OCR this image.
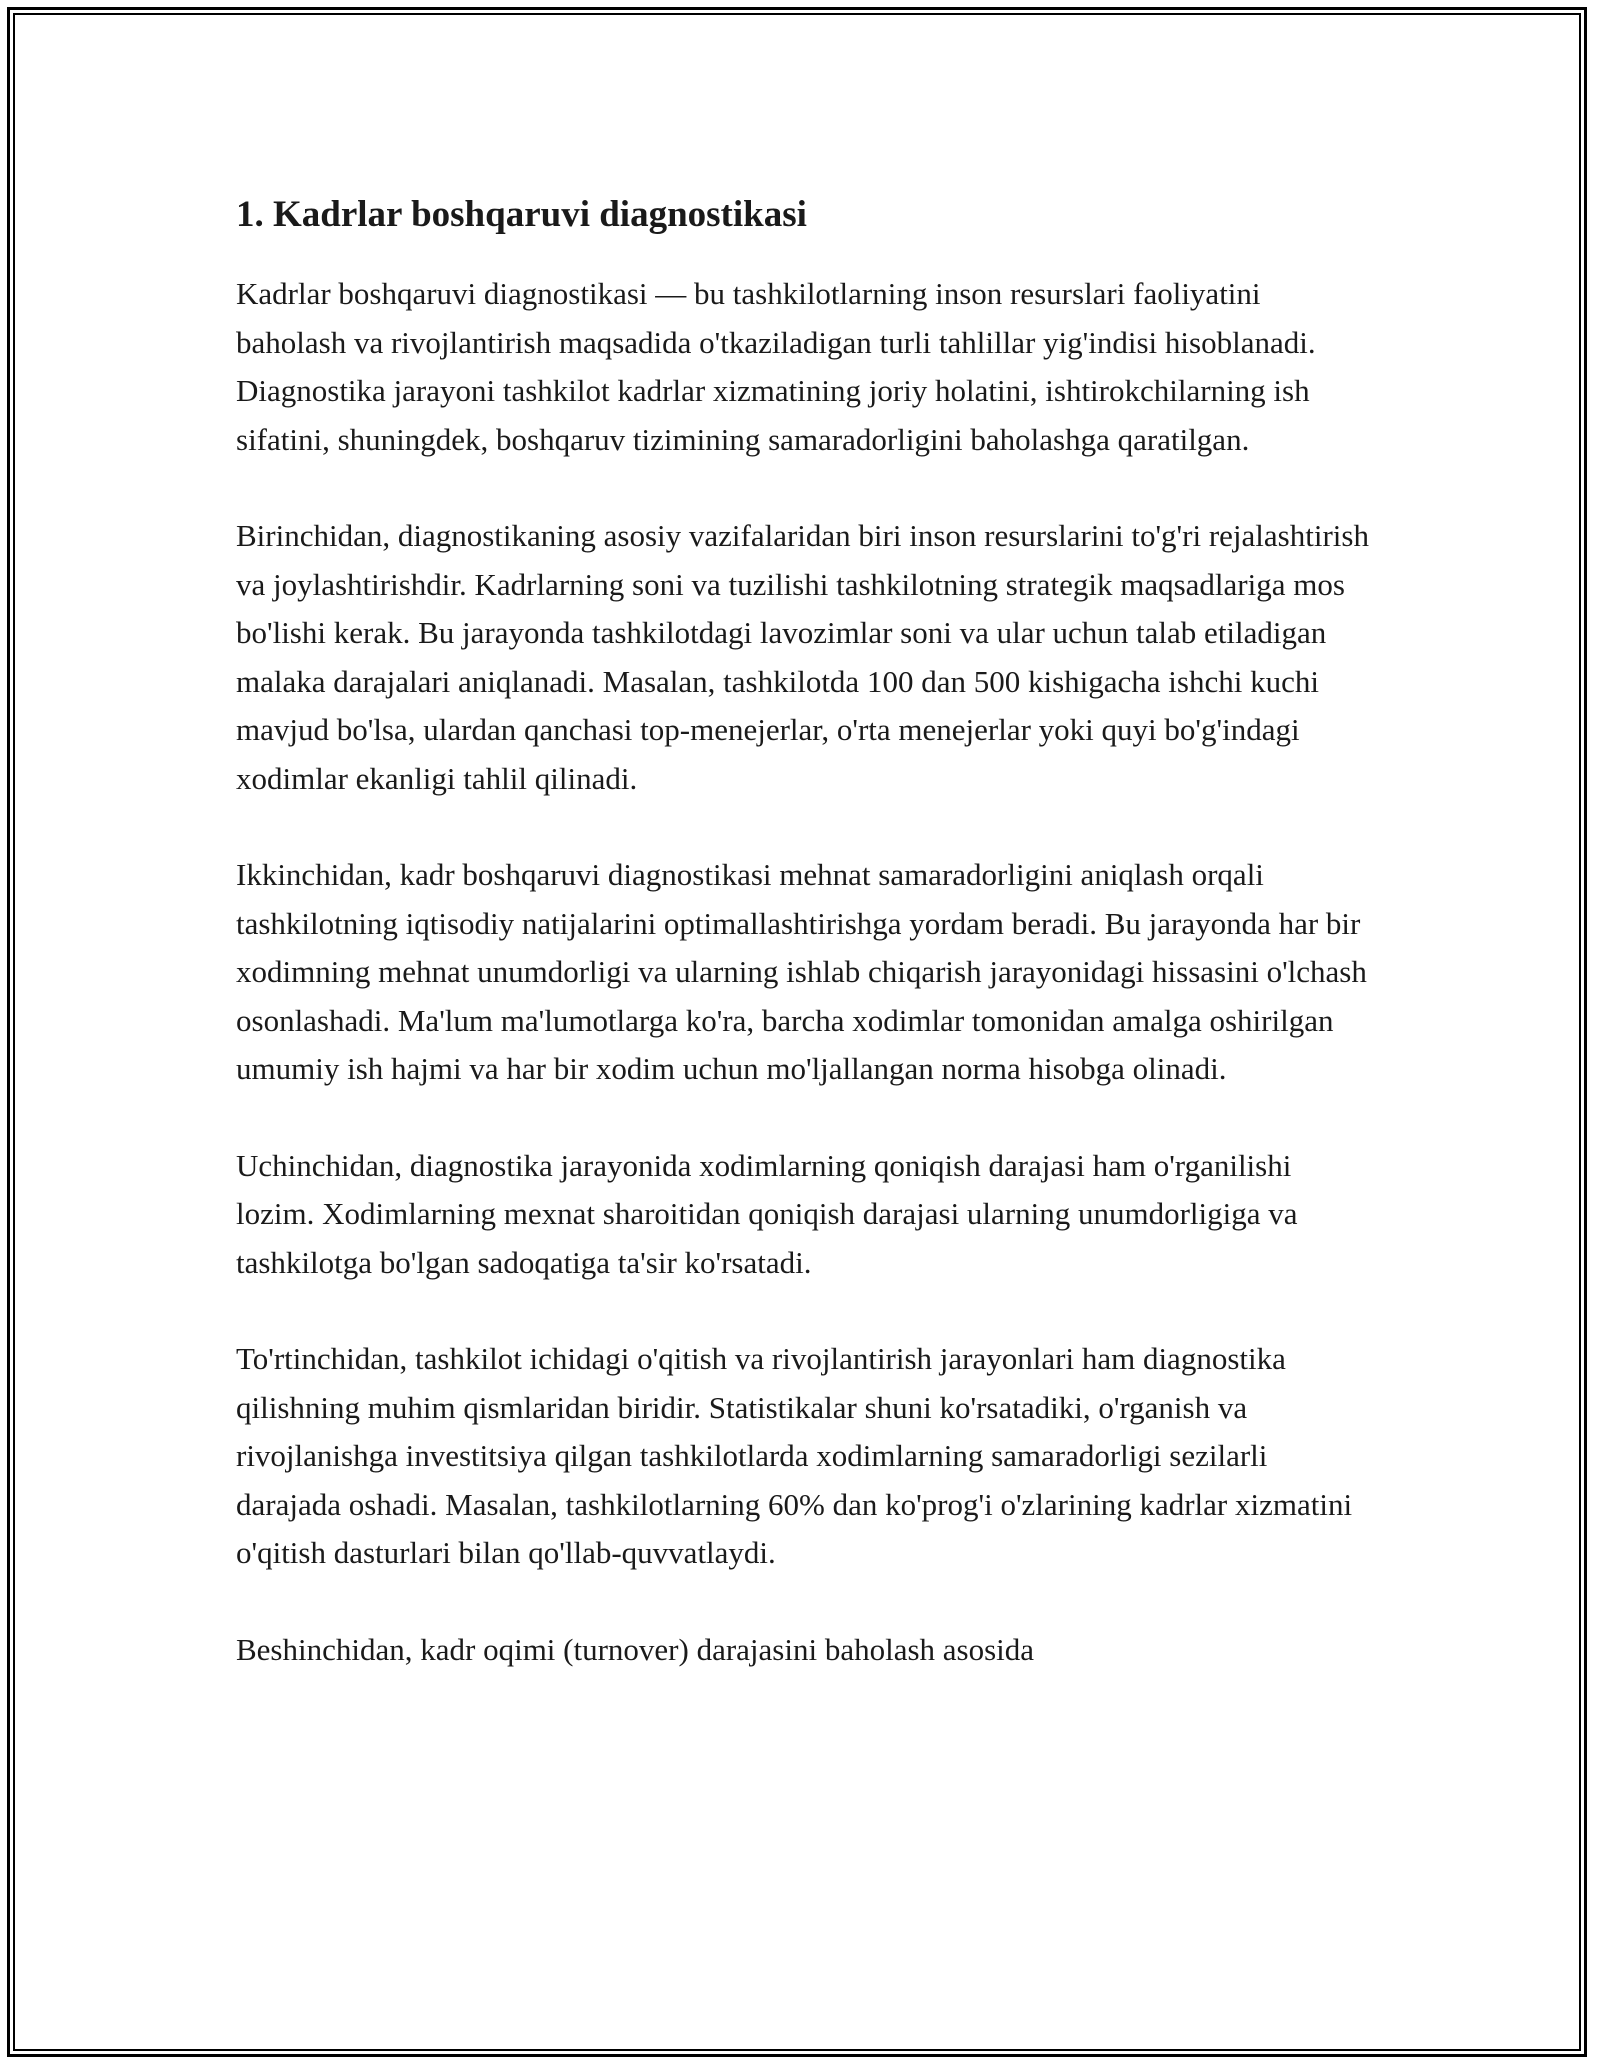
1. Kadrlar boshqaruvi diagnostikasi

Kadrlar boshqaruvi diagnostikasi — bu tashkilotlarning inson resurslari faoliyatini baholash va rivojlantirish maqsadida o'tkaziladigan turli tahlillar yig'indisi hisoblanadi. Diagnostika jarayoni tashkilot kadrlar xizmatining joriy holatini, ishtirokchilarning ish sifatini, shuningdek, boshqaruv tizimining samaradorligini baholashga qaratilgan.

Birinchidan, diagnostikaning asosiy vazifalaridan biri inson resurslarini to'g'ri rejalashtirish va joylashtirishdir. Kadrlarning soni va tuzilishi tashkilotning strategik maqsadlariga mos bo'lishi kerak. Bu jarayonda tashkilotdagi lavozimlar soni va ular uchun talab etiladigan malaka darajalari aniqlanadi. Masalan, tashkilotda 100 dan 500 kishigacha ishchi kuchi mavjud bo'lsa, ulardan qanchasi top-menejerlar, o'rta menejerlar yoki quyi bo'g'indagi xodimlar ekanligi tahlil qilinadi.

Ikkinchidan, kadr boshqaruvi diagnostikasi mehnat samaradorligini aniqlash orqali tashkilotning iqtisodiy natijalarini optimallashtirishga yordam beradi. Bu jarayonda har bir xodimning mehnat unumdorligi va ularning ishlab chiqarish jarayonidagi hissasini o'lchash osonlashadi. Ma'lum ma'lumotlarga ko'ra, barcha xodimlar tomonidan amalga oshirilgan umumiy ish hajmi va har bir xodim uchun mo'ljallangan norma hisobga olinadi.

Uchinchidan, diagnostika jarayonida xodimlarning qoniqish darajasi ham o'rganilishi lozim. Xodimlarning mexnat sharoitidan qoniqish darajasi ularning unumdorligiga va tashkilotga bo'lgan sadoqatiga ta'sir ko'rsatadi.

To'rtinchidan, tashkilot ichidagi o'qitish va rivojlantirish jarayonlari ham diagnostika qilishning muhim qismlaridan biridir. Statistikalar shuni ko'rsatadiki, o'rganish va rivojlanishga investitsiya qilgan tashkilotlarda xodimlarning samaradorligi sezilarli darajada oshadi. Masalan, tashkilotlarning 60% dan ko'prog'i o'zlarining kadrlar xizmatini o'qitish dasturlari bilan qo'llab-quvvatlaydi.

Beshinchidan, kadr oqimi (turnover) darajasini baholash asosida
